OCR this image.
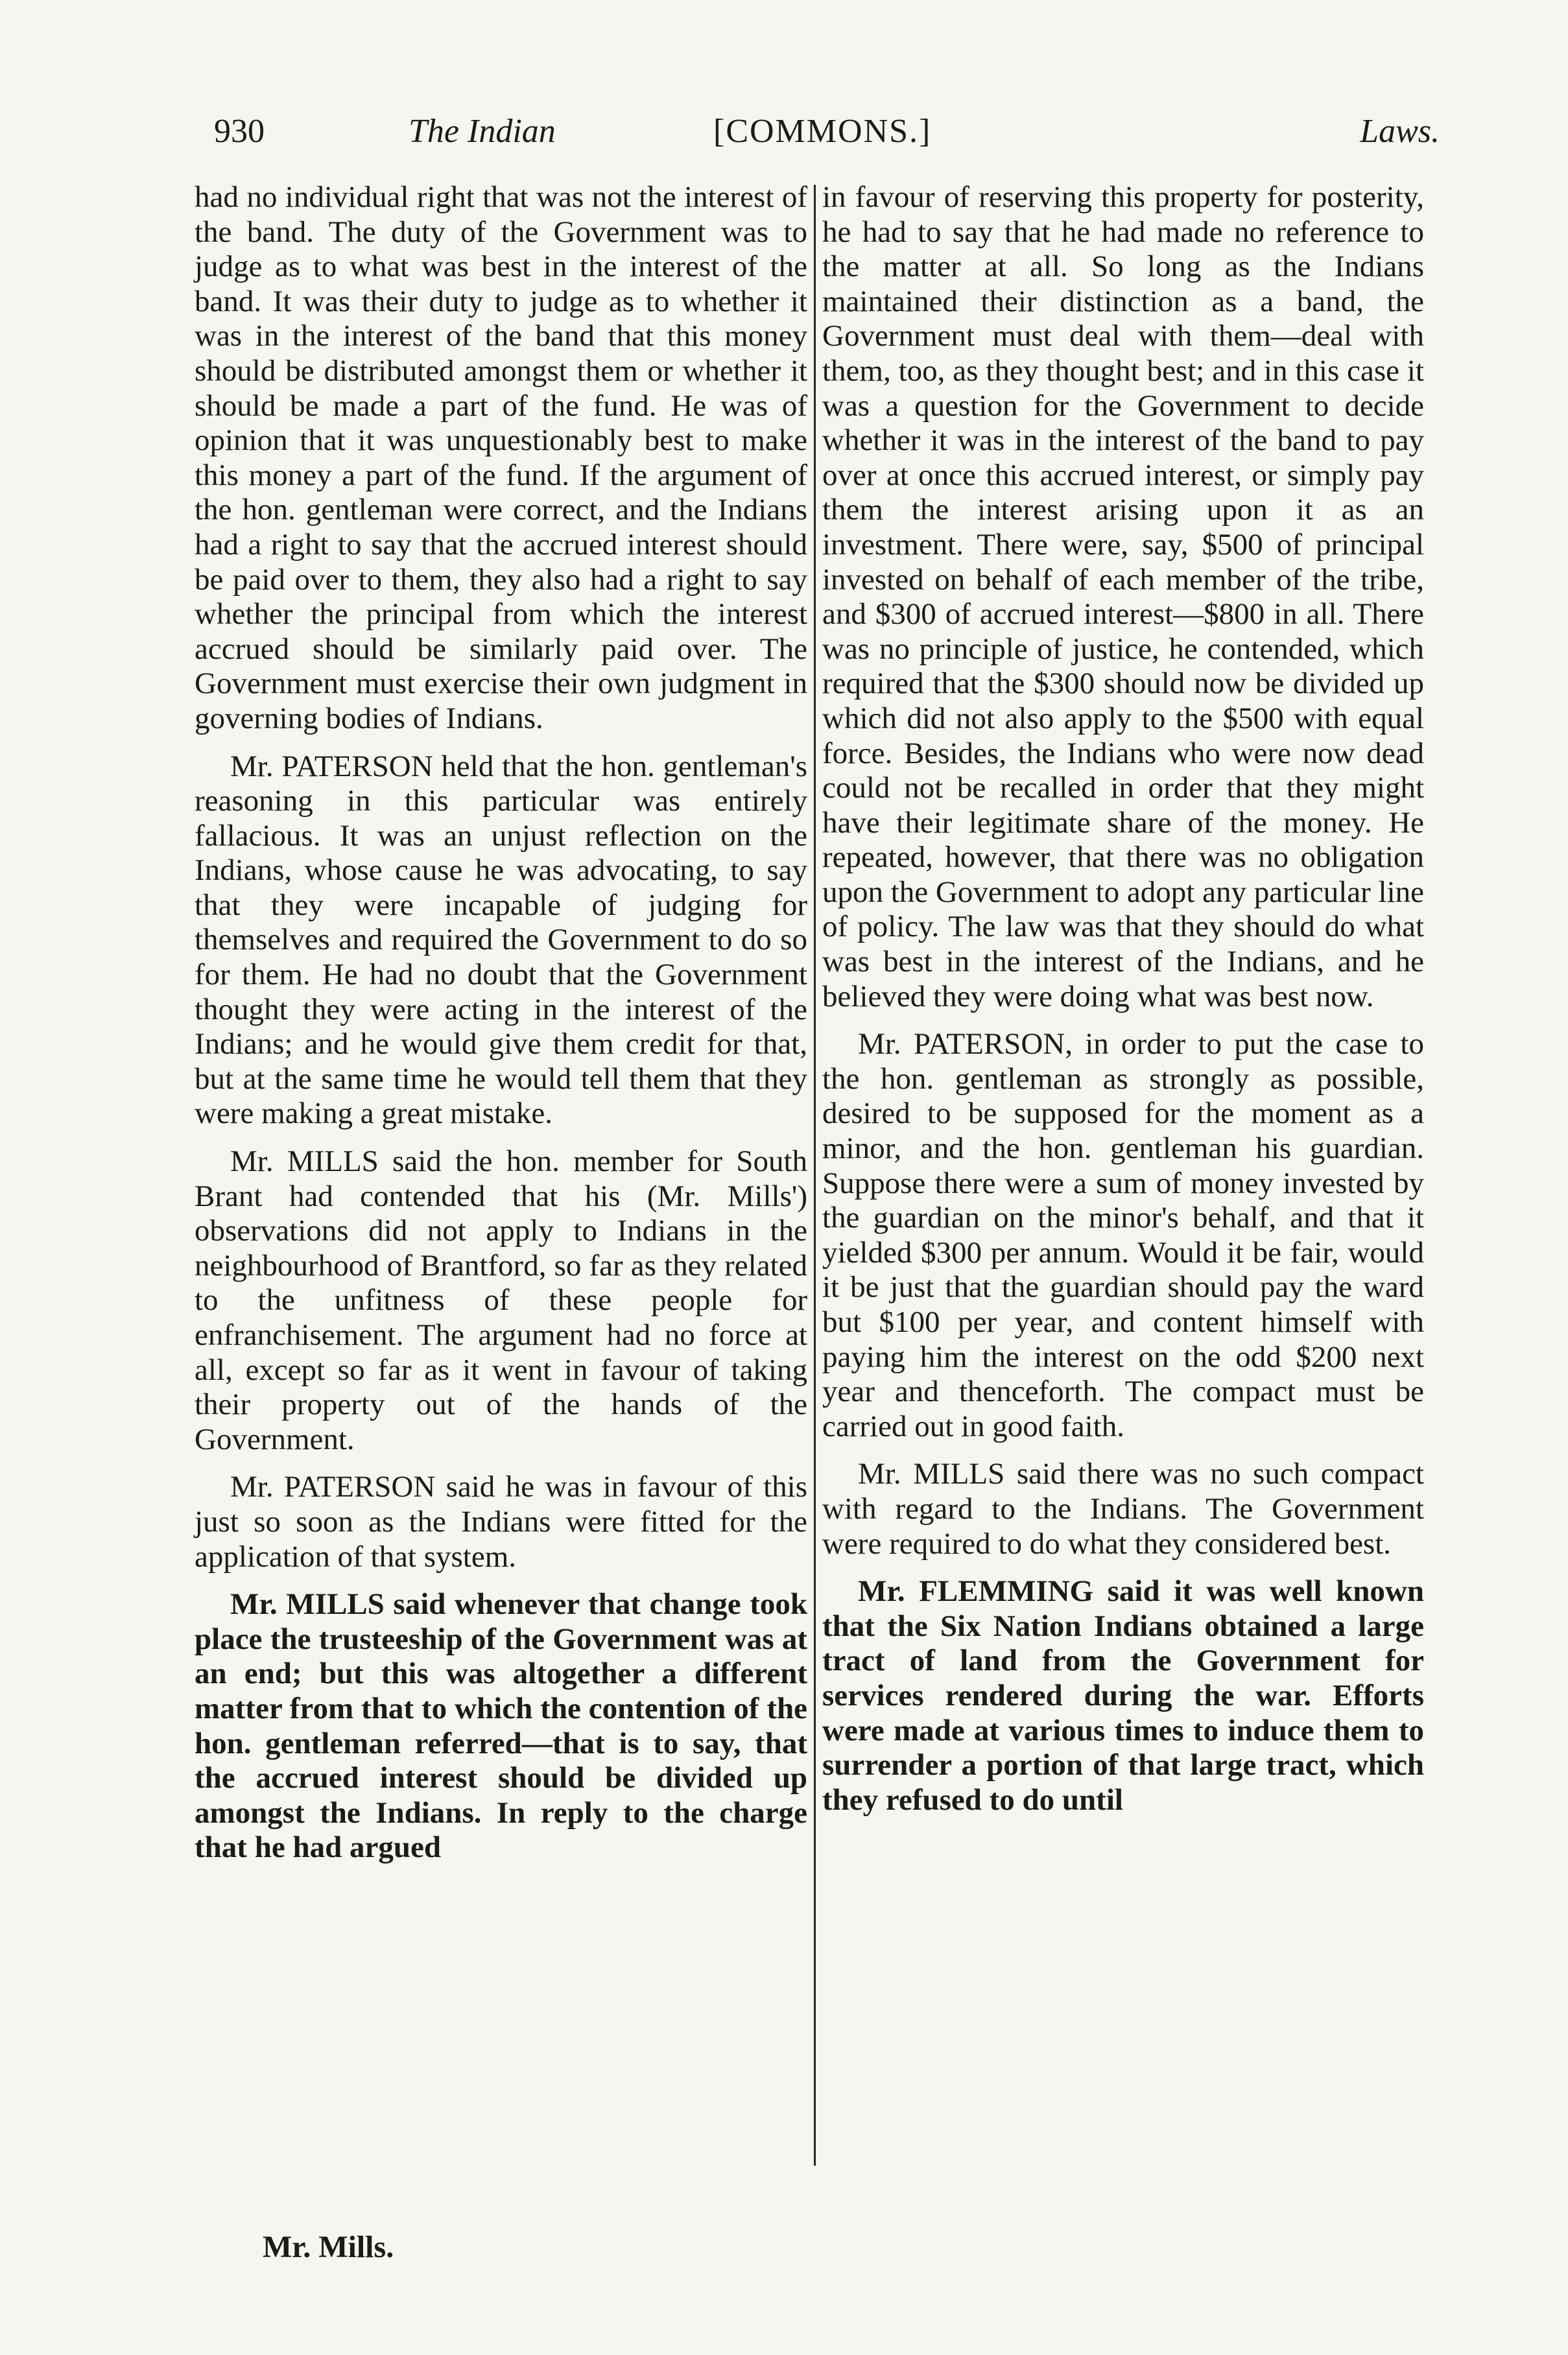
930	The Indian	[COMMONS.]	Laws.

had no individual right that was not the interest of the band. The duty of the Government was to judge as to what was best in the interest of the band. It was their duty to judge as to whether it was in the interest of the band that this money should be distributed amongst them or whether it should be made a part of the fund. He was of opinion that it was unquestionably best to make this money a part of the fund. If the argument of the hon. gentleman were correct, and the Indians had a right to say that the accrued interest should be paid over to them, they also had a right to say whether the principal from which the interest accrued should be similarly paid over. The Government must exercise their own judgment in governing bodies of Indians.

Mr. PATERSON held that the hon. gentleman's reasoning in this particular was entirely fallacious. It was an unjust reflection on the Indians, whose cause he was advocating, to say that they were incapable of judging for themselves and required the Government to do so for them. He had no doubt that the Government thought they were acting in the interest of the Indians; and he would give them credit for that, but at the same time he would tell them that they were making a great mistake.

Mr. MILLS said the hon. member for South Brant had contended that his (Mr. Mills') observations did not apply to Indians in the neighbourhood of Brantford, so far as they related to the unfitness of these people for enfranchisement. The argument had no force at all, except so far as it went in favour of taking their property out of the hands of the Government.

Mr. PATERSON said he was in favour of this just so soon as the Indians were fitted for the application of that system.

Mr. MILLS said whenever that change took place the trusteeship of the Government was at an end; but this was altogether a different matter from that to which the contention of the hon. gentleman referred—that is to say, that the accrued interest should be divided up amongst the Indians. In reply to the charge that he had argued

in favour of reserving this property for posterity, he had to say that he had made no reference to the matter at all. So long as the Indians maintained their distinction as a band, the Government must deal with them—deal with them, too, as they thought best; and in this case it was a question for the Government to decide whether it was in the interest of the band to pay over at once this accrued interest, or simply pay them the interest arising upon it as an investment. There were, say, $500 of principal invested on behalf of each member of the tribe, and $300 of accrued interest—$800 in all. There was no principle of justice, he contended, which required that the $300 should now be divided up which did not also apply to the $500 with equal force. Besides, the Indians who were now dead could not be recalled in order that they might have their legitimate share of the money. He repeated, however, that there was no obligation upon the Government to adopt any particular line of policy. The law was that they should do what was best in the interest of the Indians, and he believed they were doing what was best now.

Mr. PATERSON, in order to put the case to the hon. gentleman as strongly as possible, desired to be supposed for the moment as a minor, and the hon. gentleman his guardian. Suppose there were a sum of money invested by the guardian on the minor's behalf, and that it yielded $300 per annum. Would it be fair, would it be just that the guardian should pay the ward but $100 per year, and content himself with paying him the interest on the odd $200 next year and thenceforth. The compact must be carried out in good faith.

Mr. MILLS said there was no such compact with regard to the Indians. The Government were required to do what they considered best.

Mr. FLEMMING said it was well known that the Six Nation Indians obtained a large tract of land from the Government for services rendered during the war. Efforts were made at various times to induce them to surrender a portion of that large tract, which they refused to do until

Mr. Mills.
